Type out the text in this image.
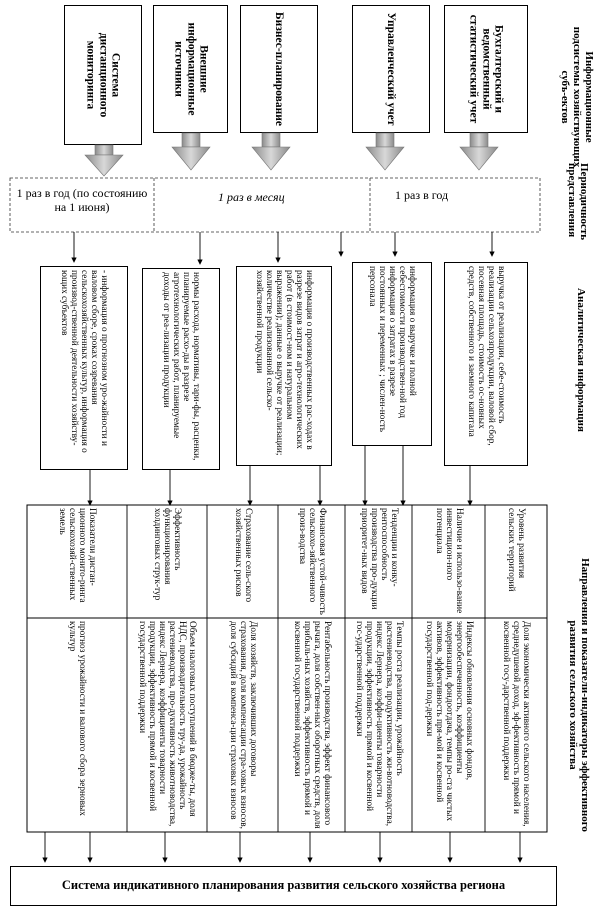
Информационные подсистемы хозяйствующих субъ-ектов
Периодичность представления
Аналитическая информация
Направления и показатели-индикаторы эффективного развития сельского хозяйства
Бухгалтерский и ведомственный статистический учет
Управленческий учет
Бизнес-планирование
Внешние информационные источники
Система дистанционного мониторинга
1 раз в год
1 раз в месяц
1 раз в год (по состоянию на 1 июня)
выручка от реализации, себе-стоимость реализации сельхозпродукции, валовой сбор, посевная площадь, стоимость ос-новных средств, собственного и заемного капитала
информация о выручке и полной себестоимости производствен-ной год информация о затратах в разрезе постоянных и переменных ; числен-ность персонала
информация о производственных рас-ходах в разрезе видов затрат и агро-технологических работ (в стоимост-ном и натуральном выражении); данные о выручке от реализации; количестве реализованной сельско-хозяйственной продукции
нормы расхода, нормативы, тари-фы, расценки, планируемые расхо-ды в разрезе агротехнологических работ, планируемые доходы от реа-лизации продукции
- информация о прогнозном уро-жайности и валовом сборе, сроках созревания сельскохозяйственных культур, информация о производ-ственной деятельности хозяйству-ющих субъектов
Уровень развития сельских территорий
Наличие и использо-вание инвестицион-ного потенциала
Тенденции и конку-рентоспособность производства про-дукции приоритет-ных видов
Финансовая устой-чивость сельскохо-зяйственного произ-водства
Страхование сель-ского хозяйственных рисков
Эффективность функционирования холдинговых струк-тур
Показатели дистан-ционного монито-ринга сельскохозяй-ственных земель
Доля экономически активного сельского населения, среднедушевой доход, эф-фективность прямой и косвенной госу-дарственной поддержки
Индексы обновления основных фондов, энергообеспеченность, коэффициенты модернизации, фондоотдача, темпы ро-ста чистых активов, эффективность пря-мой и косвенной государственной под-держки
Темпы роста реализации, урожайность растениеводства, продуктивность жи-вотноводства, индекс Лернера, коэффи-циенты товарности продукции, эффективность прямой и косвенной гос-ударственной поддержки
Рентабельность производства, эффект финансового рычага, доля собствен-ных оборотных средств, доля прибыль-ных хозяйств, эффективность прямой и косвенной государственной поддержки
Доля хозяйств, заключивших договоры страхования, доля компенсации стра-ховых взносов, доля субсидий в компенса-ции страховых взносов
Объем налоговых поступлений в бюдже-ты, доля НДС, производительность тру-да, урожайность растениеводства, про-дуктивность животноводства, индекс Лернера, коэффициенты товарности продукции, эффективность прямой и косвенной государственной поддержки
прогноз урожайности и валового сбора зерновых культур
Система индикативного планирования развития сельского хозяйства региона
